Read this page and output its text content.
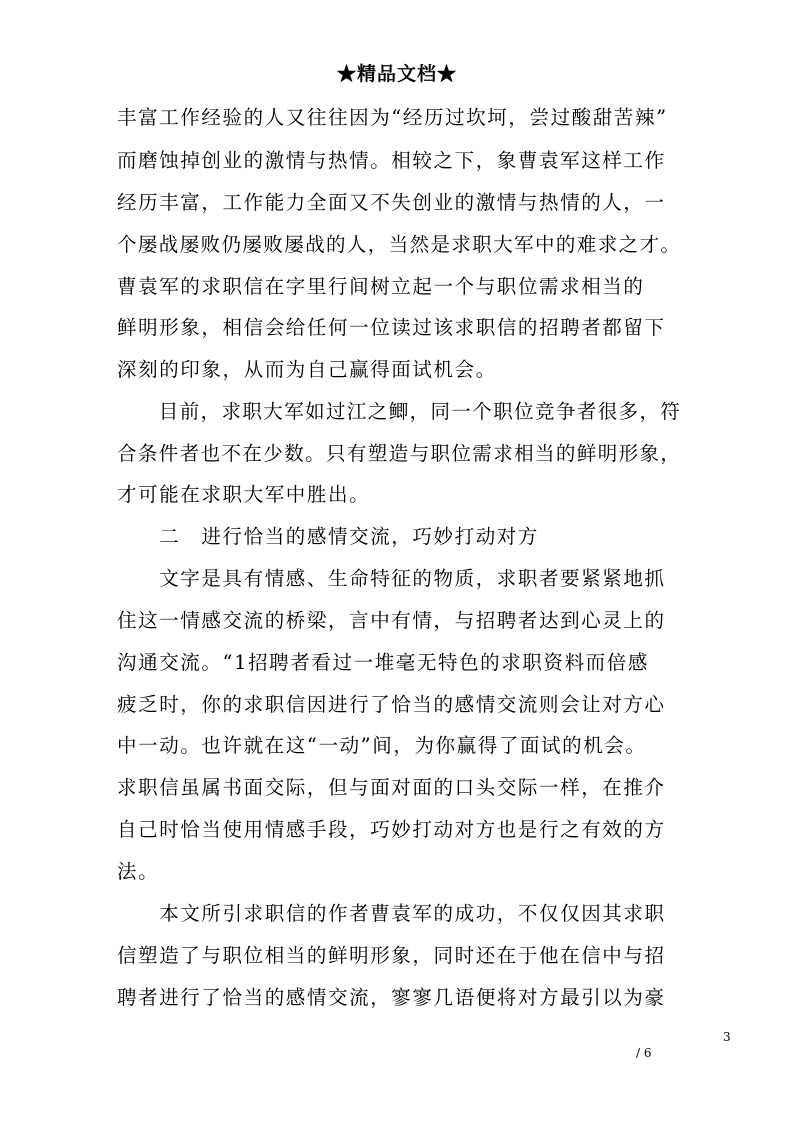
★精品文档★
丰富工作经验的人又往往因为“经历过坎坷，尝过酸甜苦辣”
而磨蚀掉创业的激情与热情。相较之下，象曹袁军这样工作
经历丰富，工作能力全面又不失创业的激情与热情的人，一
个屡战屡败仍屡败屡战的人，当然是求职大军中的难求之才。
曹袁军的求职信在字里行间树立起一个与职位需求相当的
鲜明形象，相信会给任何一位读过该求职信的招聘者都留下
深刻的印象，从而为自己赢得面试机会。
　　目前，求职大军如过江之鲫，同一个职位竞争者很多，符
合条件者也不在少数。只有塑造与职位需求相当的鲜明形象，
才可能在求职大军中胜出。
　　二　进行恰当的感情交流，巧妙打动对方
　　文字是具有情感、生命特征的物质，求职者要紧紧地抓
住这一情感交流的桥梁，言中有情，与招聘者达到心灵上的
沟通交流。“1招聘者看过一堆毫无特色的求职资料而倍感
疲乏时，你的求职信因进行了恰当的感情交流则会让对方心
中一动。也许就在这“一动”间，为你赢得了面试的机会。
求职信虽属书面交际，但与面对面的口头交际一样，在推介
自己时恰当使用情感手段，巧妙打动对方也是行之有效的方
法。
　　本文所引求职信的作者曹袁军的成功，不仅仅因其求职
信塑造了与职位相当的鲜明形象，同时还在于他在信中与招
聘者进行了恰当的感情交流，寥寥几语便将对方最引以为豪
3
/ 6
